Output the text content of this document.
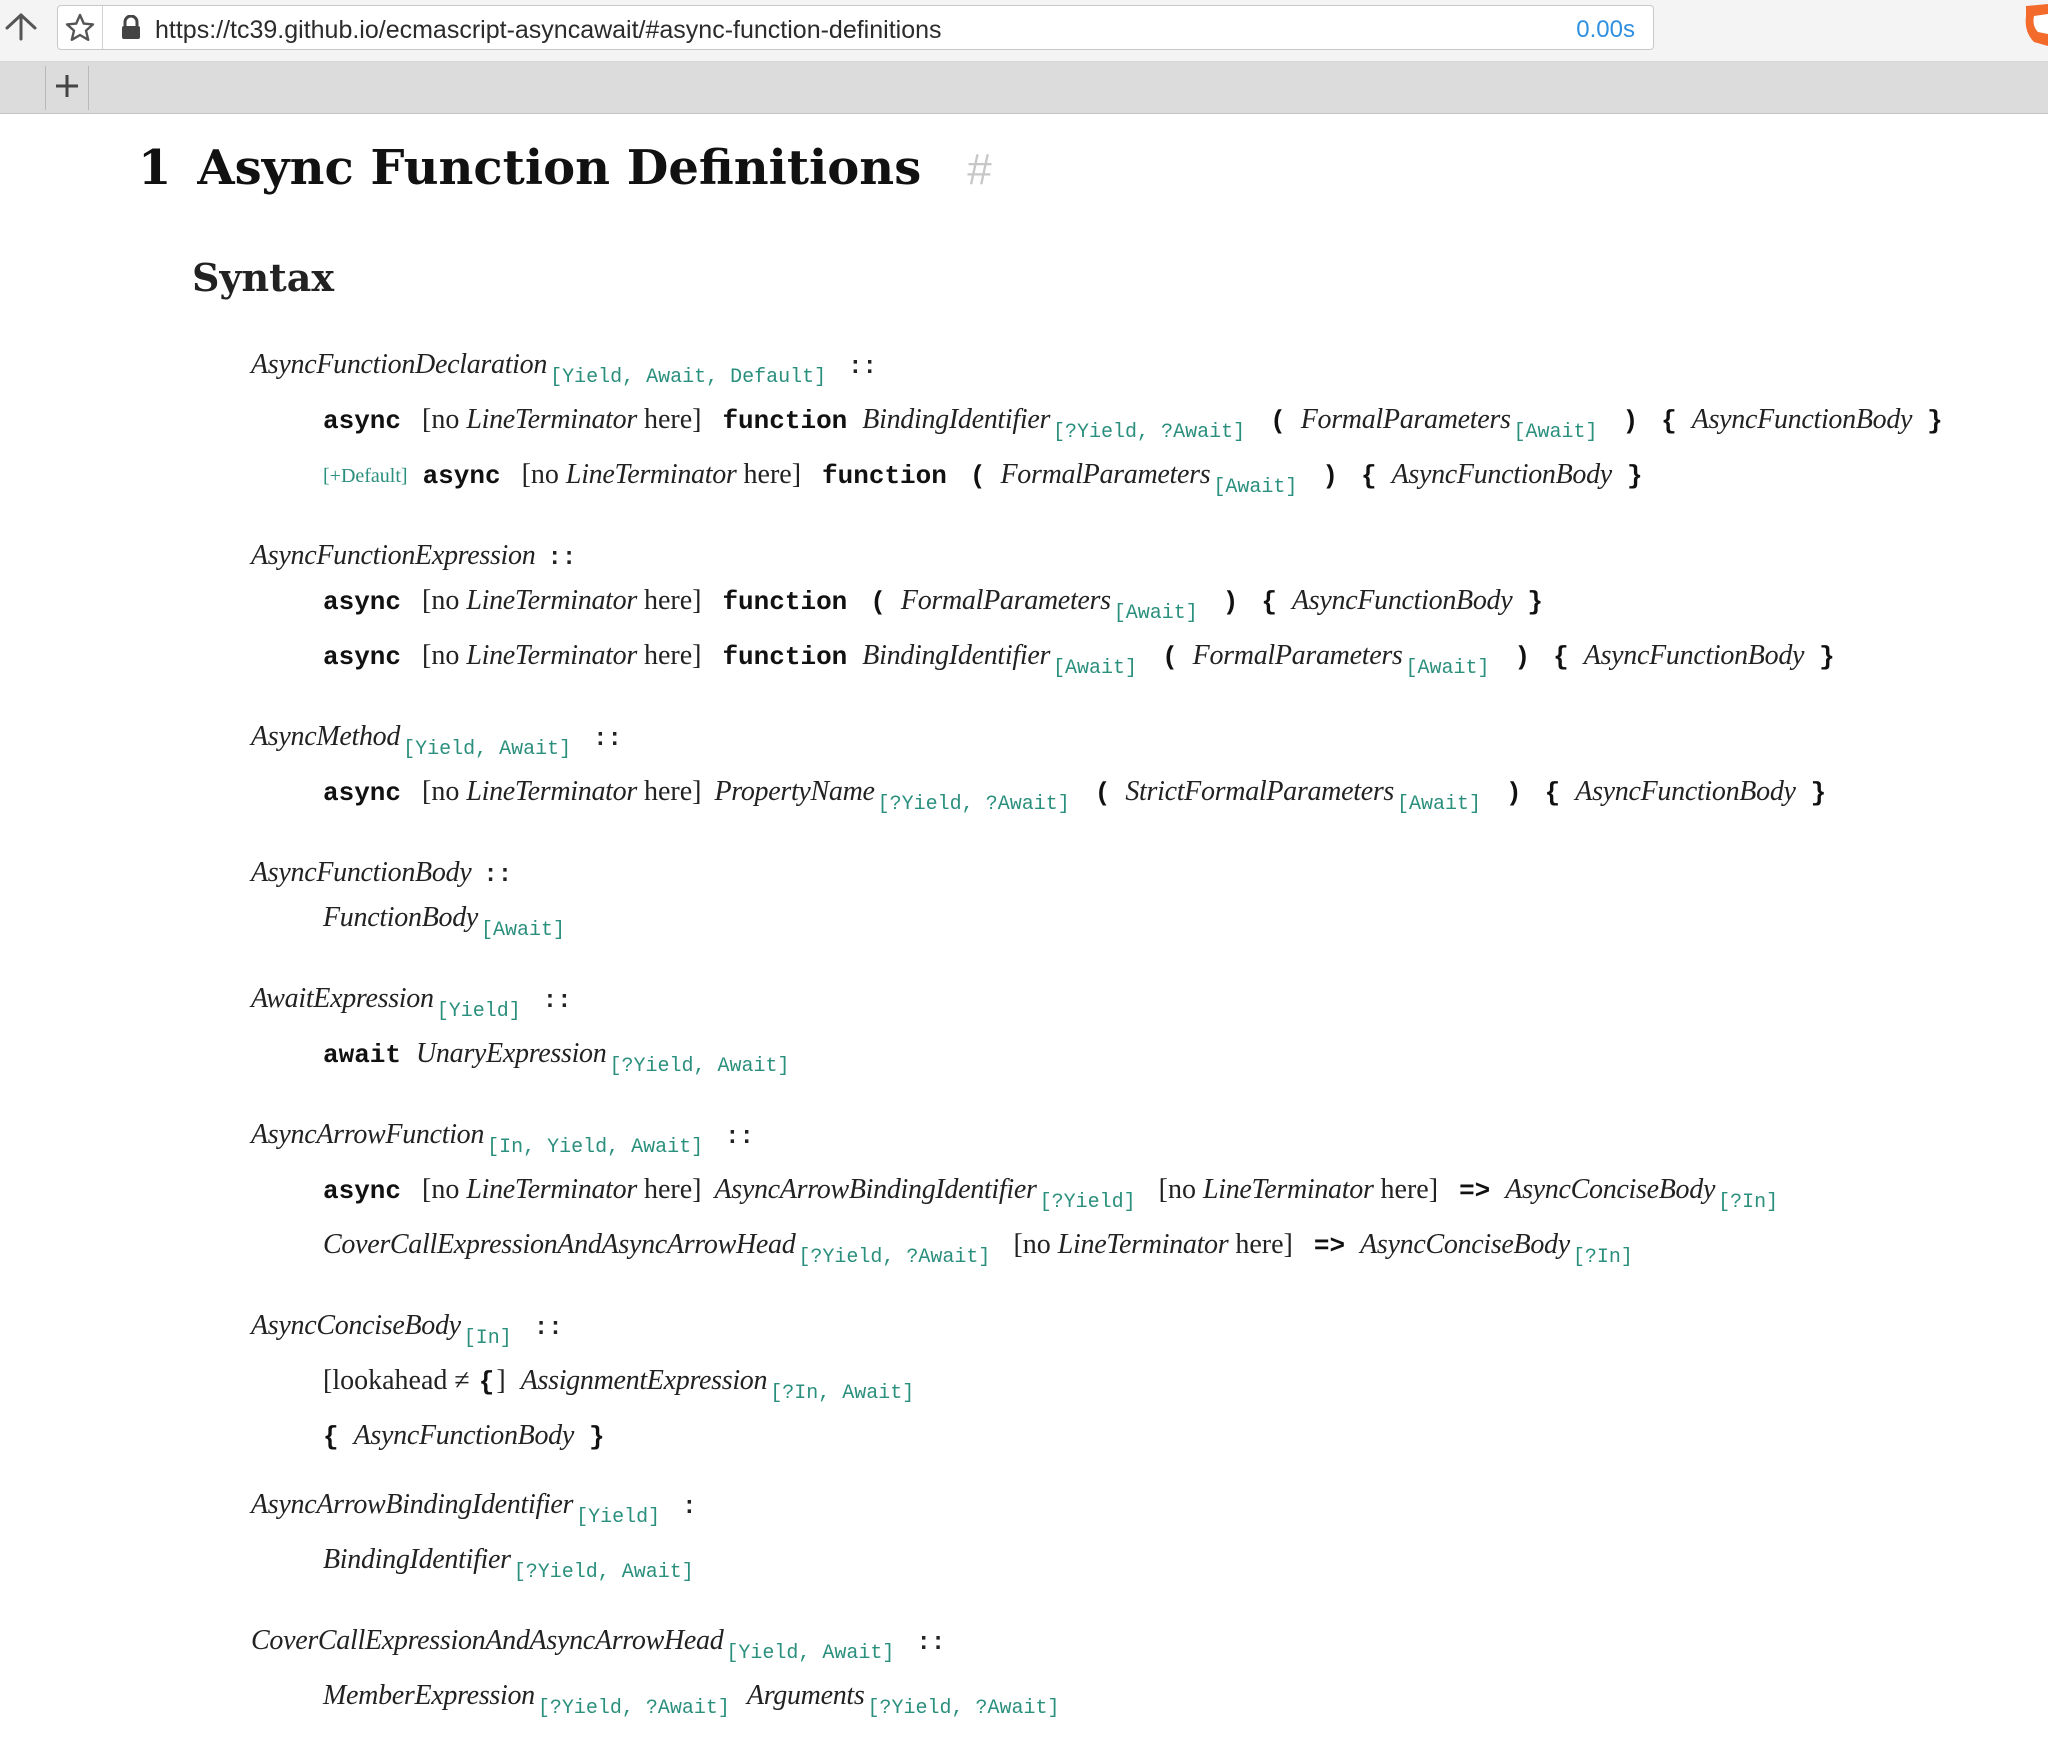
https://tc39.github.io/ecmascript-asyncawait/#async-function-definitions	0.00s
1 Async Function Definitions #
Syntax
AsyncFunctionDeclaration $_{[Yield, Await, Default]}$ ::
async [no LineTerminator here] function BindingIdentifier $_{[?Yield, ?Await]}$ ( FormalParameters $_{[Await]}$ ) { AsyncFunctionBody }
[+Default] async [no LineTerminator here] function ( FormalParameters $_{[Await]}$ ) { AsyncFunctionBody }
AsyncFunctionExpression ::
async [no LineTerminator here] function ( FormalParameters $_{[Await]}$ ) { AsyncFunctionBody }
async [no LineTerminator here] function BindingIdentifier $_{[Await]}$ ( FormalParameters $_{[Await]}$ ) { AsyncFunctionBody }
AsyncMethod $_{[Yield, Await]}$ ::
async [no LineTerminator here] PropertyName $_{[?Yield, ?Await]}$ ( StrictFormalParameters $_{[Await]}$ ) { AsyncFunctionBody }
AsyncFunctionBody ::
FunctionBody $_{[Await]}$
AwaitExpression $_{[Yield]}$ ::
await UnaryExpression $_{[?Yield, Await]}$
AsyncArrowFunction $_{[In, Yield, Await]}$ ::
async [no LineTerminator here] AsyncArrowBindingIdentifier $_{[?Yield]}$ [no LineTerminator here] => AsyncConciseBody $_{[?In]}$
CoverCallExpressionAndAsyncArrowHead $_{[?Yield, ?Await]}$ [no LineTerminator here] => AsyncConciseBody $_{[?In]}$
AsyncConciseBody $_{[In]}$ ::
[lookahead ≠ {] AssignmentExpression $_{[?In, Await]}$
{ AsyncFunctionBody }
AsyncArrowBindingIdentifier $_{[Yield]}$ :
BindingIdentifier $_{[?Yield, Await]}$
CoverCallExpressionAndAsyncArrowHead $_{[Yield, Await]}$ ::
MemberExpression $_{[?Yield, ?Await]}$ Arguments $_{[?Yield, ?Await]}$
